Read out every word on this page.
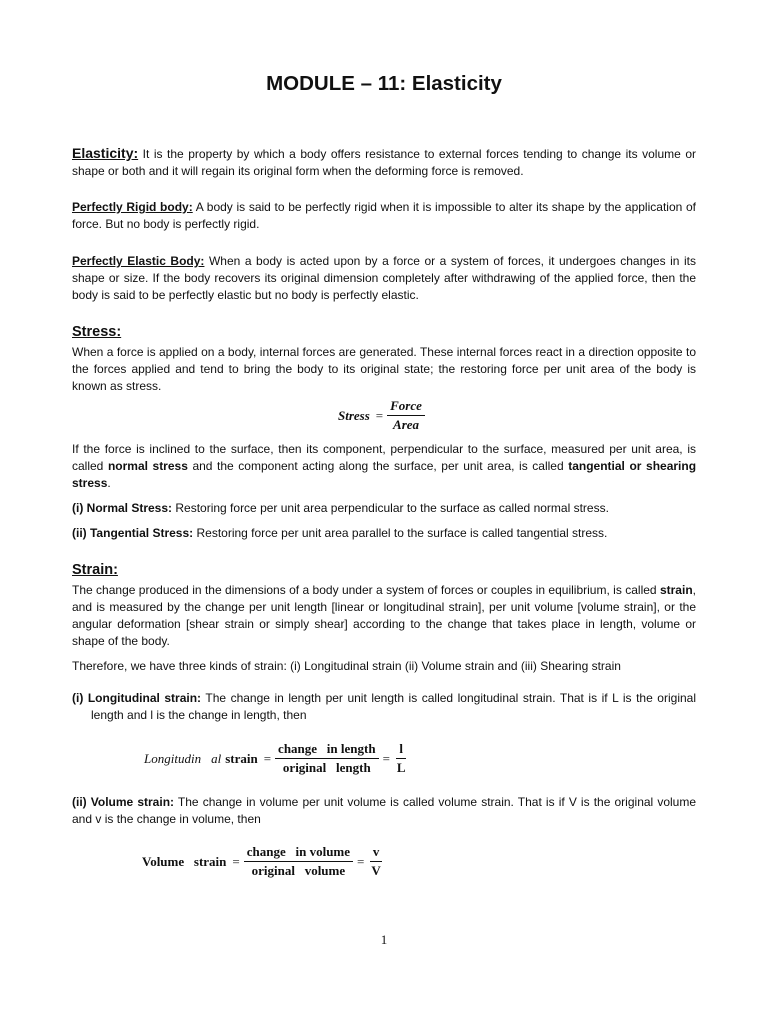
MODULE – 11: Elasticity

Elasticity: It is the property by which a body offers resistance to external forces tending to change its volume or shape or both and it will regain its original form when the deforming force is removed.

Perfectly Rigid body: A body is said to be perfectly rigid when it is impossible to alter its shape by the application of force. But no body is perfectly rigid.

Perfectly Elastic Body: When a body is acted upon by a force or a system of forces, it undergoes changes in its shape or size. If the body recovers its original dimension completely after withdrawing of the applied force, then the body is said to be perfectly elastic but no body is perfectly elastic.

Stress:

When a force is applied on a body, internal forces are generated. These internal forces react in a direction opposite to the forces applied and tend to bring the body to its original state; the restoring force per unit area of the body is known as stress.

Stress = $\frac{\text{Force}}{\text{Area}}$

If the force is inclined to the surface, then its component, perpendicular to the surface, measured per unit area, is called normal stress and the component acting along the surface, per unit area, is called tangential or shearing stress.

(i) Normal Stress: Restoring force per unit area perpendicular to the surface as called normal stress.

(ii) Tangential Stress: Restoring force per unit area parallel to the surface is called tangential stress.

Strain:

The change produced in the dimensions of a body under a system of forces or couples in equilibrium, is called strain, and is measured by the change per unit length [linear or longitudinal strain], per unit volume [volume strain], or the angular deformation [shear strain or simply shear] according to the change that takes place in length, volume or shape of the body.

Therefore, we have three kinds of strain: (i) Longitudinal strain (ii) Volume strain and (iii) Shearing strain

(i) Longitudinal strain: The change in length per unit length is called longitudinal strain. That is if L is the original length and l is the change in length, then

Longitudin al strain = $\frac{\text{change   in length}}{\text{original   length}} = \frac{l}{L}$

(ii) Volume strain: The change in volume per unit volume is called volume strain. That is if V is the original volume and v is the change in volume, then

Volume   strain = $\frac{\text{change   in volume}}{\text{original   volume}} = \frac{v}{V}$
1
